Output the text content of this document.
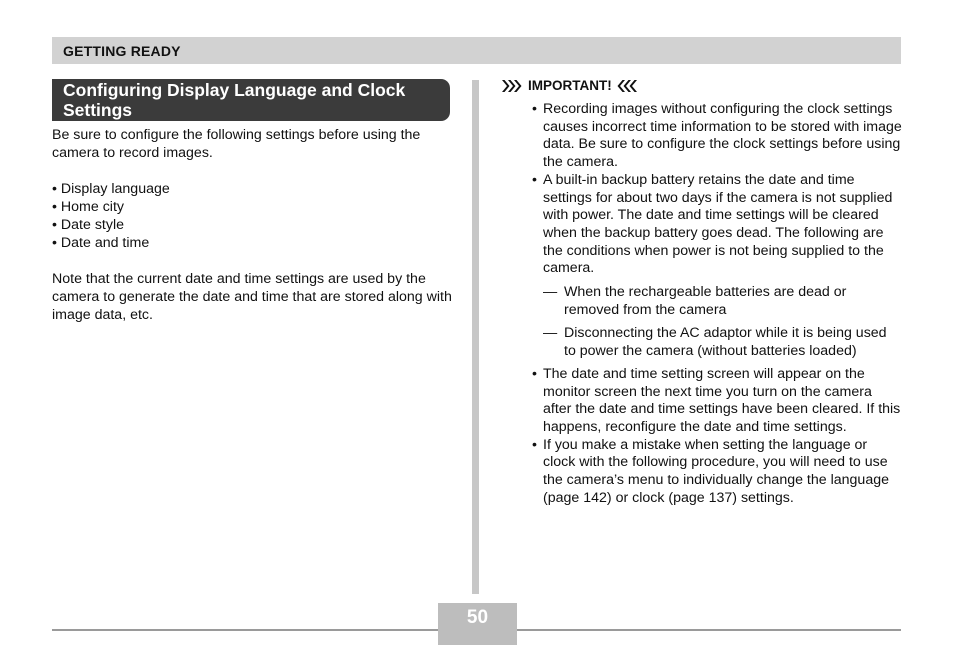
GETTING READY
Configuring Display Language and Clock Settings

Be sure to configure the following settings before using the camera to record images.

• Display language
• Home city
• Date style
• Date and time

Note that the current date and time settings are used by the camera to generate the date and time that are stored along with image data, etc.

IMPORTANT!
• Recording images without configuring the clock settings causes incorrect time information to be stored with image data. Be sure to configure the clock settings before using the camera.
• A built-in backup battery retains the date and time settings for about two days if the camera is not supplied with power. The date and time settings will be cleared when the backup battery goes dead. The following are the conditions when power is not being supplied to the camera.
— When the rechargeable batteries are dead or removed from the camera
— Disconnecting the AC adaptor while it is being used to power the camera (without batteries loaded)
• The date and time setting screen will appear on the monitor screen the next time you turn on the camera after the date and time settings have been cleared. If this happens, reconfigure the date and time settings.
• If you make a mistake when setting the language or clock with the following procedure, you will need to use the camera’s menu to individually change the language (page 142) or clock (page 137) settings.
50
